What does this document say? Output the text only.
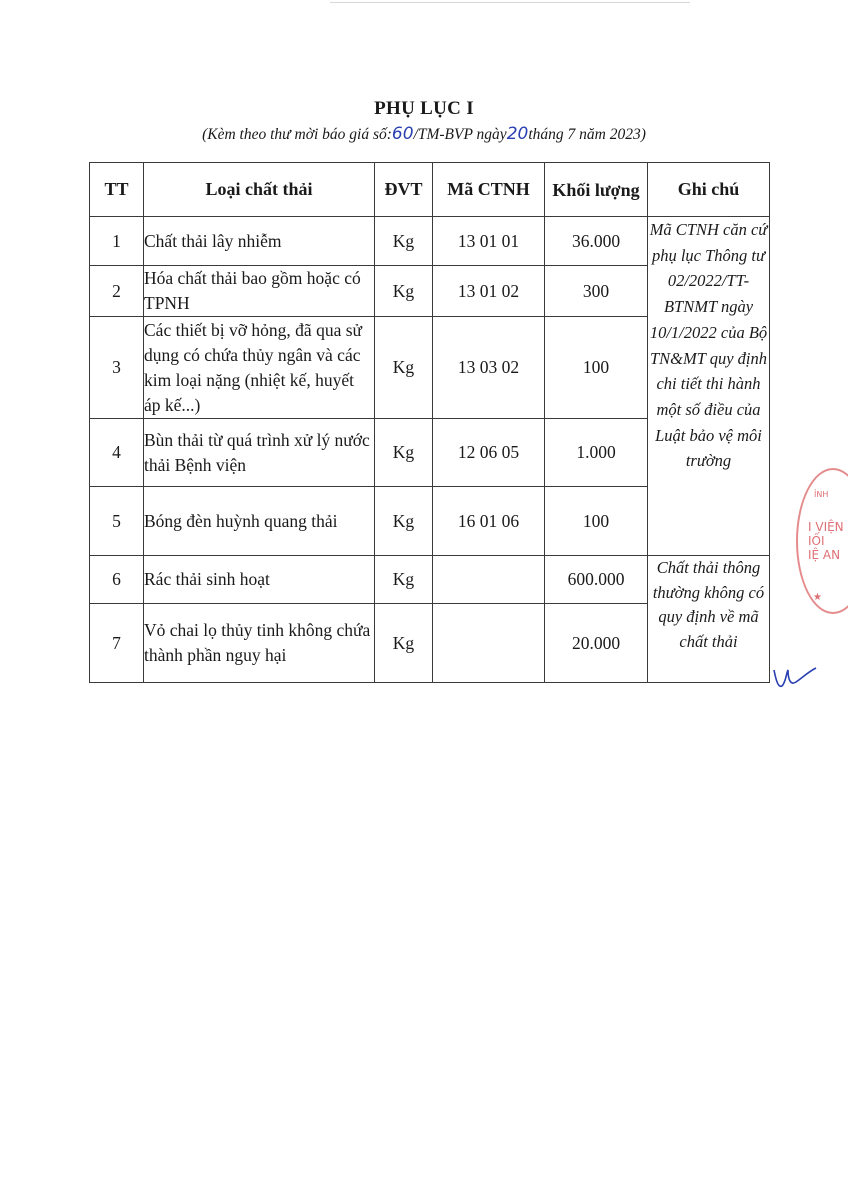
PHỤ LỤC I
(Kèm theo thư mời báo giá số:60/TM-BVP ngày20tháng 7 năm 2023)
TT	Loại chất thải	ĐVT	Mã CTNH	Khối lượng	Ghi chú
1	Chất thải lây nhiễm	Kg	13 01 01	36.000	Mã CTNH căn cứ phụ lục Thông tư 02/2022/TT-BTNMT ngày 10/1/2022 của Bộ TN&MT quy định chi tiết thi hành một số điều của Luật bảo vệ môi trường
2	Hóa chất thải bao gồm hoặc có TPNH	Kg	13 01 02	300	
3	Các thiết bị vỡ hỏng, đã qua sử dụng có chứa thủy ngân và các kim loại nặng (nhiệt kế, huyết áp kế...)	Kg	13 03 02	100	
4	Bùn thải từ quá trình xử lý nước thải Bệnh viện	Kg	12 06 05	1.000	
5	Bóng đèn huỳnh quang thải	Kg	16 01 06	100	
6	Rác thải sinh hoạt	Kg		600.000	Chất thải thông thường không có quy định về mã chất thải
7	Vỏ chai lọ thủy tinh không chứa thành phần nguy hại	Kg		20.000	
ỈNH
I VIỆN
IỐI
IỆ AN
★
